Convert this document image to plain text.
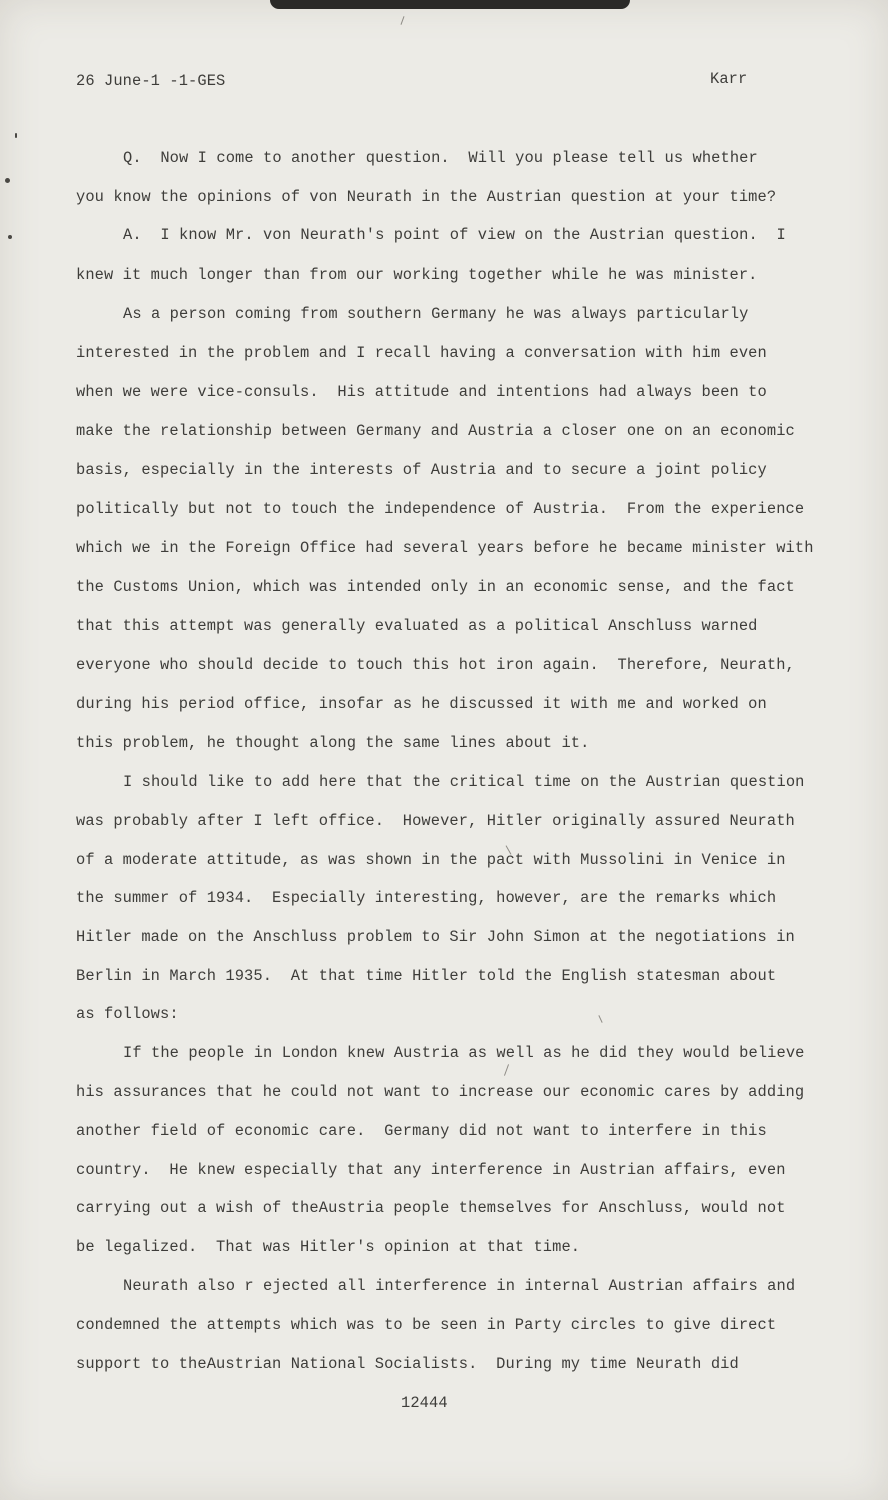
26 June-1 -1-GES	Karr
Q.  Now I come to another question.  Will you please tell us whether
you know the opinions of von Neurath in the Austrian question at your time?
A.  I know Mr. von Neurath's point of view on the Austrian question.  I
knew it much longer than from our working together while he was minister.
As a person coming from southern Germany he was always particularly
interested in the problem and I recall having a conversation with him even
when we were vice-consuls.  His attitude and intentions had always been to
make the relationship between Germany and Austria a closer one on an economic
basis, especially in the interests of Austria and to secure a joint policy
politically but not to touch the independence of Austria.  From the experience
which we in the Foreign Office had several years before he became minister with
the Customs Union, which was intended only in an economic sense, and the fact
that this attempt was generally evaluated as a political Anschluss warned
everyone who should decide to touch this hot iron again.  Therefore, Neurath,
during his period office, insofar as he discussed it with me and worked on
this problem, he thought along the same lines about it.
I should like to add here that the critical time on the Austrian question
was probably after I left office.  However, Hitler originally assured Neurath
of a moderate attitude, as was shown in the pact with Mussolini in Venice in
the summer of 1934.  Especially interesting, however, are the remarks which
Hitler made on the Anschluss problem to Sir John Simon at the negotiations in
Berlin in March 1935.  At that time Hitler told the English statesman about
as follows:
If the people in London knew Austria as well as he did they would believe
his assurances that he could not want to increase our economic cares by adding
another field of economic care.  Germany did not want to interfere in this
country.  He knew especially that any interference in Austrian affairs, even
carrying out a wish of theAustria people themselves for Anschluss, would not
be legalized.  That was Hitler's opinion at that time.
Neurath also r ejected all interference in internal Austrian affairs and
condemned the attempts which was to be seen in Party circles to give direct
support to theAustrian National Socialists.  During my time Neurath did
12444
